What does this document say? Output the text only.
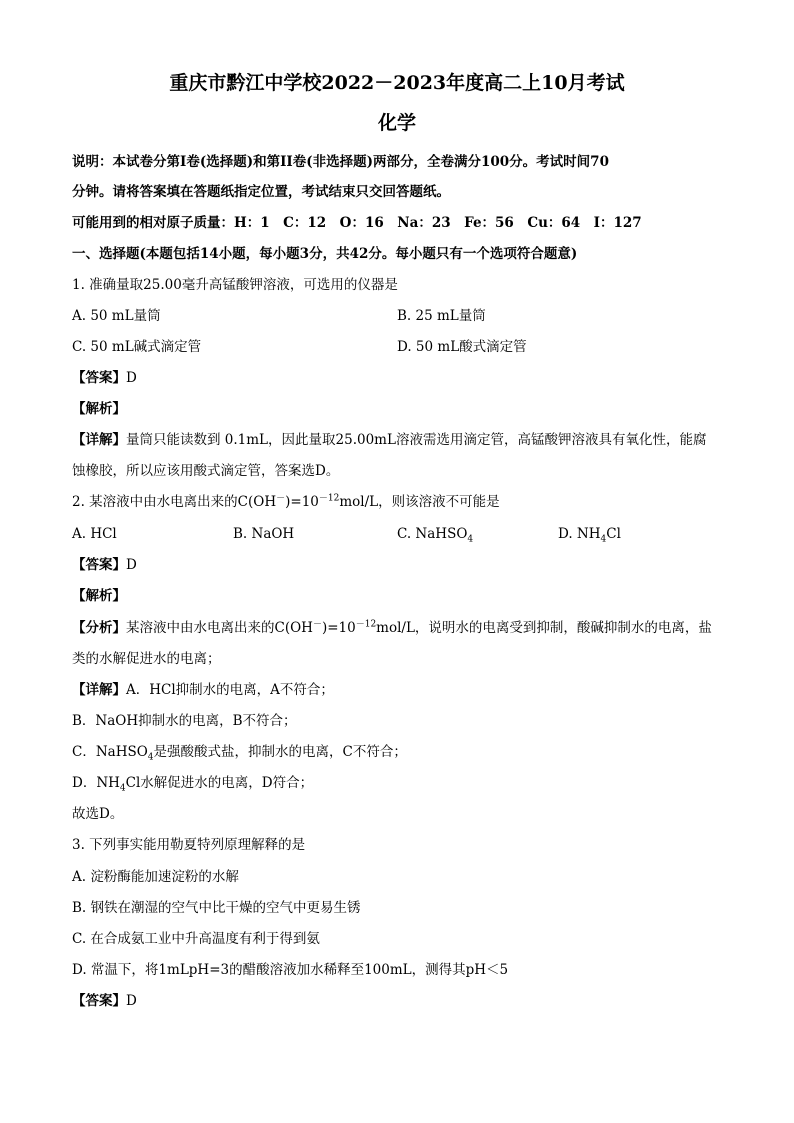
重庆市黔江中学校2022－2023年度高二上10月考试
化学
说明：本试卷分第I卷(选择题)和第II卷(非选择题)两部分，全卷满分100分。考试时间70
分钟。请将答案填在答题纸指定位置，考试结束只交回答题纸。
可能用到的相对原子质量：H：1　C：12　O：16　Na：23　Fe：56　Cu：64　I：127
一、选择题(本题包括14小题，每小题3分，共42分。每小题只有一个选项符合题意)
1. 准确量取25.00毫升高锰酸钾溶液，可选用的仪器是
A. 50 mL量筒	B. 25 mL量筒
C. 50 mL碱式滴定管	D. 50 mL酸式滴定管
【答案】D
【解析】
【详解】量筒只能读数到 0.1mL，因此量取25.00mL溶液需选用滴定管，高锰酸钾溶液具有氧化性，能腐
蚀橡胶，所以应该用酸式滴定管，答案选D。
2. 某溶液中由水电离出来的$C(OH^-)=10^{-12}mol/L$，则该溶液不可能是
A. HCl	B. NaOH	C. NaHSO$_4$	D. $NH_4Cl$
【答案】D
【解析】
【分析】某溶液中由水电离出来的$C(OH^-)=10^{-12}mol/L$，说明水的电离受到抑制，酸碱抑制水的电离，盐
类的水解促进水的电离；
【详解】A．HCl抑制水的电离，A不符合；
B．NaOH抑制水的电离，B不符合；
C．NaHSO$_4$是强酸酸式盐，抑制水的电离，C不符合；
D．$NH_4Cl$水解促进水的电离，D符合；
故选D。
3. 下列事实能用勒夏特列原理解释的是
A. 淀粉酶能加速淀粉的水解
B. 钢铁在潮湿的空气中比干燥的空气中更易生锈
C. 在合成氨工业中升高温度有利于得到氨
D. 常温下，将1mLpH=3的醋酸溶液加水稀释至100mL，测得其pH＜5
【答案】D
